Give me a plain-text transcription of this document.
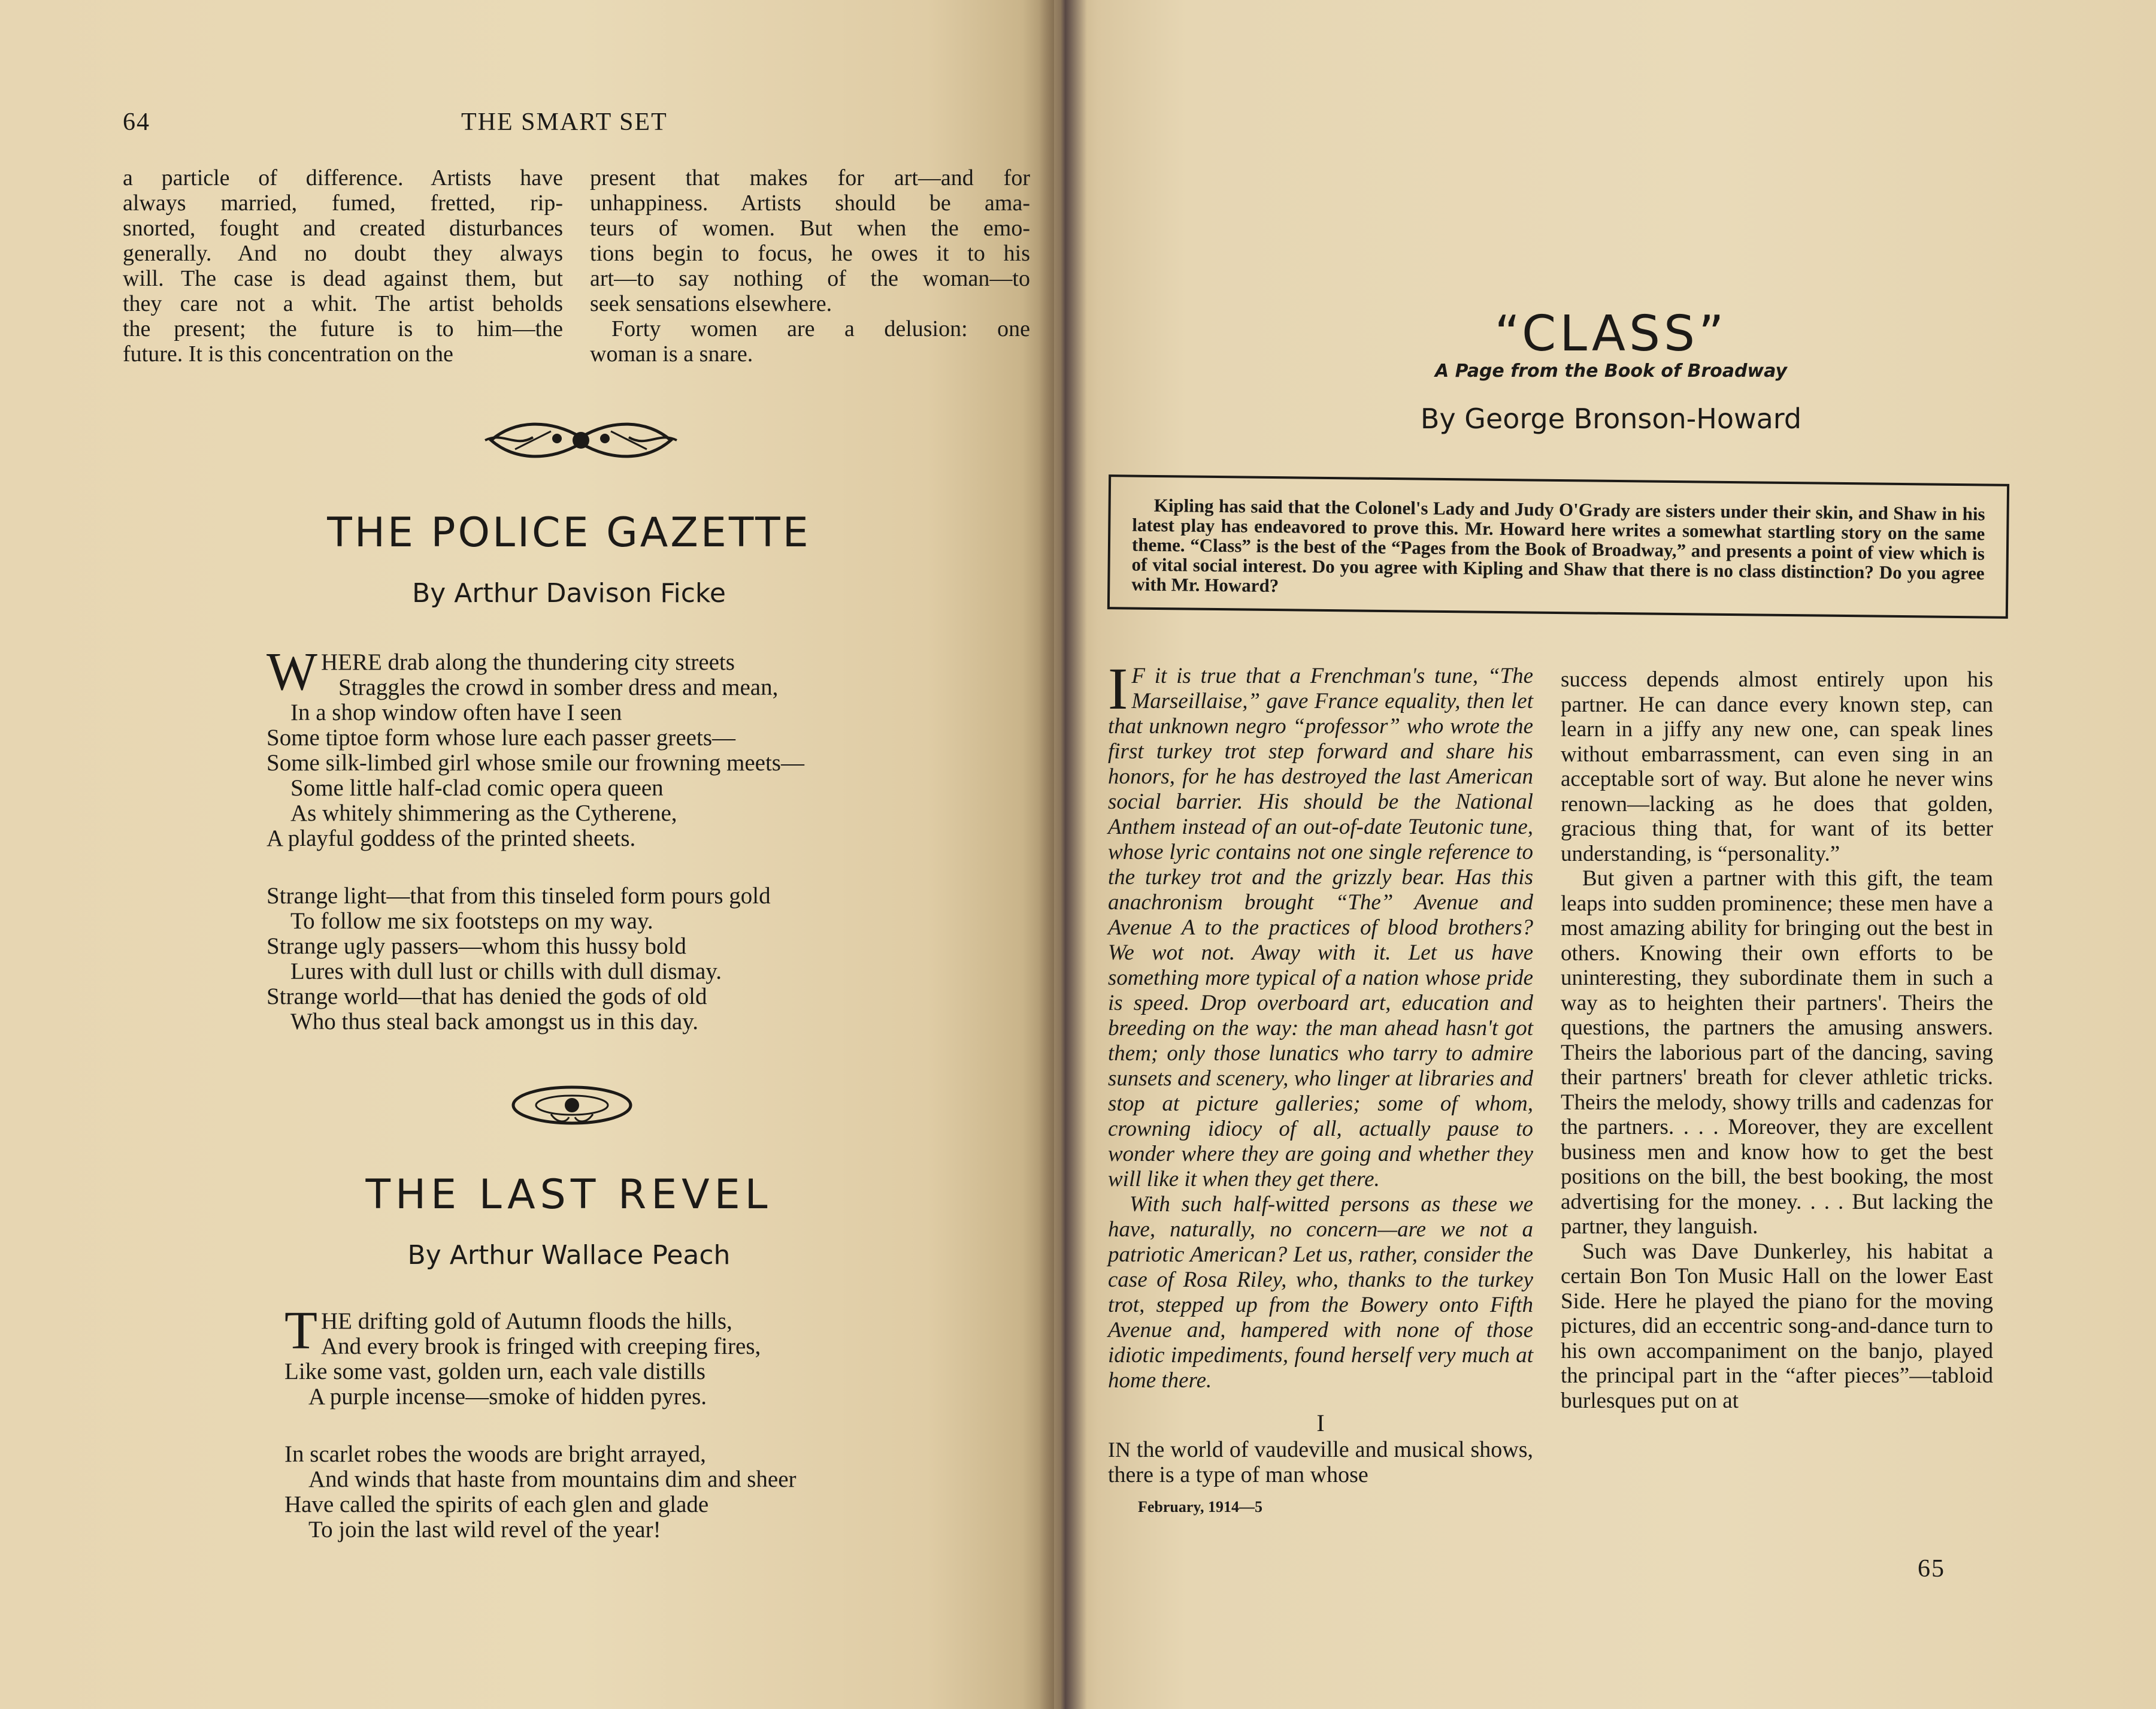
64	THE SMART SET
a particle of difference. Artists have
always married, fumed, fretted, rip-
snorted, fought and created disturbances
generally. And no doubt they always
will. The case is dead against them, but
they care not a whit. The artist beholds
the present; the future is to him—the
future. It is this concentration on the
present that makes for art—and for
unhappiness. Artists should be ama-
teurs of women. But when the emo-
tions begin to focus, he owes it to his
art—to say nothing of the woman—to
seek sensations elsewhere.
Forty women are a delusion: one
woman is a snare.
THE POLICE GAZETTE
By Arthur Davison Ficke
W HERE drab along the thundering city streets
Straggles the crowd in somber dress and mean,
In a shop window often have I seen
Some tiptoe form whose lure each passer greets—
Some silk-limbed girl whose smile our frowning meets—
Some little half-clad comic opera queen
As whitely shimmering as the Cytherene,
A playful goddess of the printed sheets.
Strange light—that from this tinseled form pours gold
To follow me six footsteps on my way.
Strange ugly passers—whom this hussy bold
Lures with dull lust or chills with dull dismay.
Strange world—that has denied the gods of old
Who thus steal back amongst us in this day.
THE LAST REVEL
By Arthur Wallace Peach
T HE drifting gold of Autumn floods the hills,
And every brook is fringed with creeping fires,
Like some vast, golden urn, each vale distills
A purple incense—smoke of hidden pyres.
In scarlet robes the woods are bright arrayed,
And winds that haste from mountains dim and sheer
Have called the spirits of each glen and glade
To join the last wild revel of the year!
“CLASS”
A Page from the Book of Broadway
By George Bronson-Howard
Kipling has said that the Colonel's Lady and Judy O'Grady are sisters under their skin, and Shaw in his latest play has endeavored to prove this. Mr. Howard here writes a somewhat startling story on the same theme. “Class” is the best of the “Pages from the Book of Broadway,” and presents a point of view which is of vital social interest. Do you agree with Kipling and Shaw that there is no class distinction? Do you agree with Mr. Howard?
I F it is true that a Frenchman's tune, “The Marseillaise,” gave France equality, then let that unknown negro “professor” who wrote the first turkey trot step forward and share his honors, for he has destroyed the last American social barrier. His should be the National Anthem instead of an out-of-date Teutonic tune, whose lyric contains not one single reference to the turkey trot and the grizzly bear. Has this anachronism brought “The” Avenue and Avenue A to the practices of blood brothers? We wot not. Away with it. Let us have something more typical of a nation whose pride is speed. Drop overboard art, education and breeding on the way: the man ahead hasn't got them; only those lunatics who tarry to admire sunsets and scenery, who linger at libraries and stop at picture galleries; some of whom, crowning idiocy of all, actually pause to wonder where they are going and whether they will like it when they get there.
With such half-witted persons as these we have, naturally, no concern—are we not a patriotic American? Let us, rather, consider the case of Rosa Riley, who, thanks to the turkey trot, stepped up from the Bowery onto Fifth Avenue and, hampered with none of those idiotic impediments, found herself very much at home there.
I
IN the world of vaudeville and musical shows, there is a type of man whose
February, 1914—5

success depends almost entirely upon his partner. He can dance every known step, can learn in a jiffy any new one, can speak lines without embarrassment, can even sing in an acceptable sort of way. But alone he never wins renown—lacking as he does that golden, gracious thing that, for want of its better understanding, is “personality.”

But given a partner with this gift, the team leaps into sudden prominence; these men have a most amazing ability for bringing out the best in others. Knowing their own efforts to be uninteresting, they subordinate them in such a way as to heighten their partners'. Theirs the questions, the partners the amusing answers. Theirs the laborious part of the dancing, saving their partners' breath for clever athletic tricks. Theirs the melody, showy trills and cadenzas for the partners. . . . Moreover, they are excellent business men and know how to get the best positions on the bill, the best booking, the most advertising for the money. . . . But lacking the partner, they languish.

Such was Dave Dunkerley, his habitat a certain Bon Ton Music Hall on the lower East Side. Here he played the piano for the moving pictures, did an eccentric song-and-dance turn to his own accompaniment on the banjo, played the principal part in the “after pieces”—tabloid burlesques put on at

65
